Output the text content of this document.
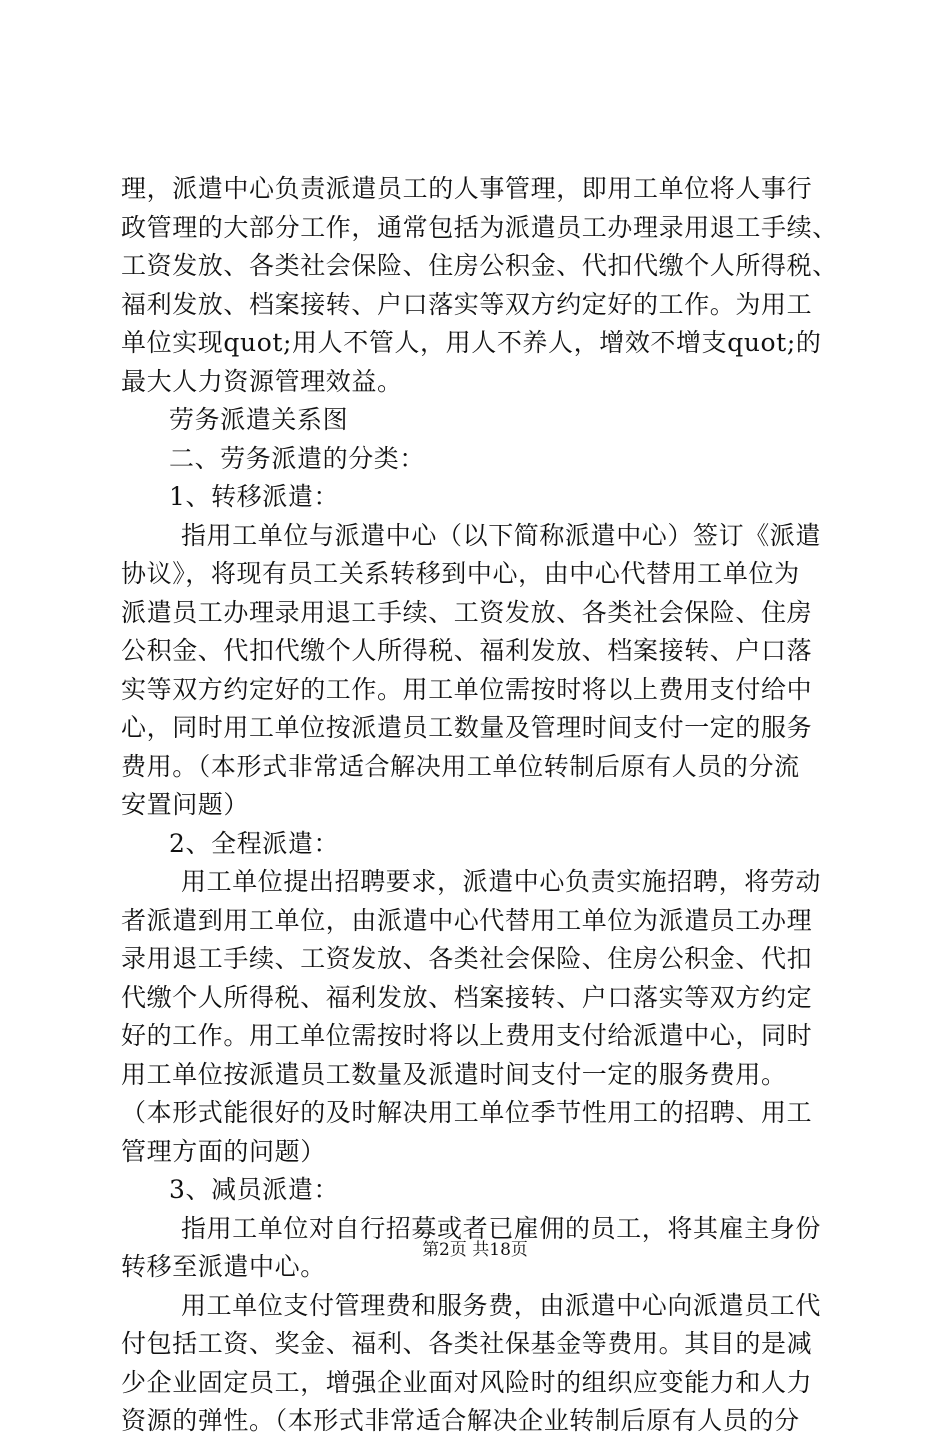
理，派遣中心负责派遣员工的人事管理，即用工单位将人事行
政管理的大部分工作，通常包括为派遣员工办理录用退工手续、
工资发放、各类社会保险、住房公积金、代扣代缴个人所得税、
福利发放、档案接转、户口落实等双方约定好的工作。为用工
单位实现quot;用人不管人，用人不养人，增效不增支quot;的
最大人力资源管理效益。
劳务派遣关系图
二、劳务派遣的分类：
1、转移派遣：
指用工单位与派遣中心（以下简称派遣中心）签订《派遣
协议》，将现有员工关系转移到中心，由中心代替用工单位为
派遣员工办理录用退工手续、工资发放、各类社会保险、住房
公积金、代扣代缴个人所得税、福利发放、档案接转、户口落
实等双方约定好的工作。用工单位需按时将以上费用支付给中
心，同时用工单位按派遣员工数量及管理时间支付一定的服务
费用。（本形式非常适合解决用工单位转制后原有人员的分流
安置问题）
2、全程派遣：
用工单位提出招聘要求，派遣中心负责实施招聘，将劳动
者派遣到用工单位，由派遣中心代替用工单位为派遣员工办理
录用退工手续、工资发放、各类社会保险、住房公积金、代扣
代缴个人所得税、福利发放、档案接转、户口落实等双方约定
好的工作。用工单位需按时将以上费用支付给派遣中心，同时
用工单位按派遣员工数量及派遣时间支付一定的服务费用。
（本形式能很好的及时解决用工单位季节性用工的招聘、用工
管理方面的问题）
3、减员派遣：
指用工单位对自行招募或者已雇佣的员工，将其雇主身份
转移至派遣中心。
用工单位支付管理费和服务费，由派遣中心向派遣员工代
付包括工资、奖金、福利、各类社保基金等费用。其目的是减
少企业固定员工，增强企业面对风险时的组织应变能力和人力
资源的弹性。（本形式非常适合解决企业转制后原有人员的分
第2页 共18页
